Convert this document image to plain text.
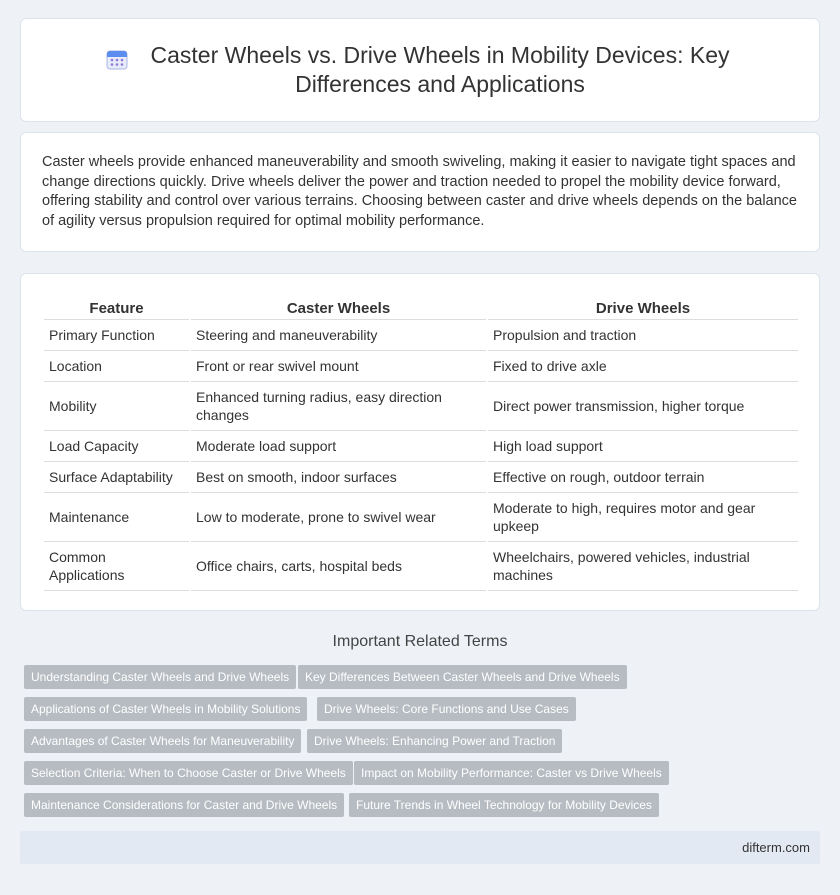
Caster Wheels vs. Drive Wheels in Mobility Devices: Key Differences and Applications

Caster wheels provide enhanced maneuverability and smooth swiveling, making it easier to navigate tight spaces and change directions quickly. Drive wheels deliver the power and traction needed to propel the mobility device forward, offering stability and control over various terrains. Choosing between caster and drive wheels depends on the balance of agility versus propulsion required for optimal mobility performance.

Feature	Caster Wheels	Drive Wheels
Primary Function	Steering and maneuverability	Propulsion and traction
Location	Front or rear swivel mount	Fixed to drive axle
Mobility	Enhanced turning radius, easy direction changes	Direct power transmission, higher torque
Load Capacity	Moderate load support	High load support
Surface Adaptability	Best on smooth, indoor surfaces	Effective on rough, outdoor terrain
Maintenance	Low to moderate, prone to swivel wear	Moderate to high, requires motor and gear upkeep
Common Applications	Office chairs, carts, hospital beds	Wheelchairs, powered vehicles, industrial machines
Important Related Terms
Understanding Caster Wheels and Drive Wheels	Key Differences Between Caster Wheels and Drive Wheels
Applications of Caster Wheels in Mobility Solutions	Drive Wheels: Core Functions and Use Cases
Advantages of Caster Wheels for Maneuverability	Drive Wheels: Enhancing Power and Traction
Selection Criteria: When to Choose Caster or Drive Wheels	Impact on Mobility Performance: Caster vs Drive Wheels
Maintenance Considerations for Caster and Drive Wheels	Future Trends in Wheel Technology for Mobility Devices
difterm.com
